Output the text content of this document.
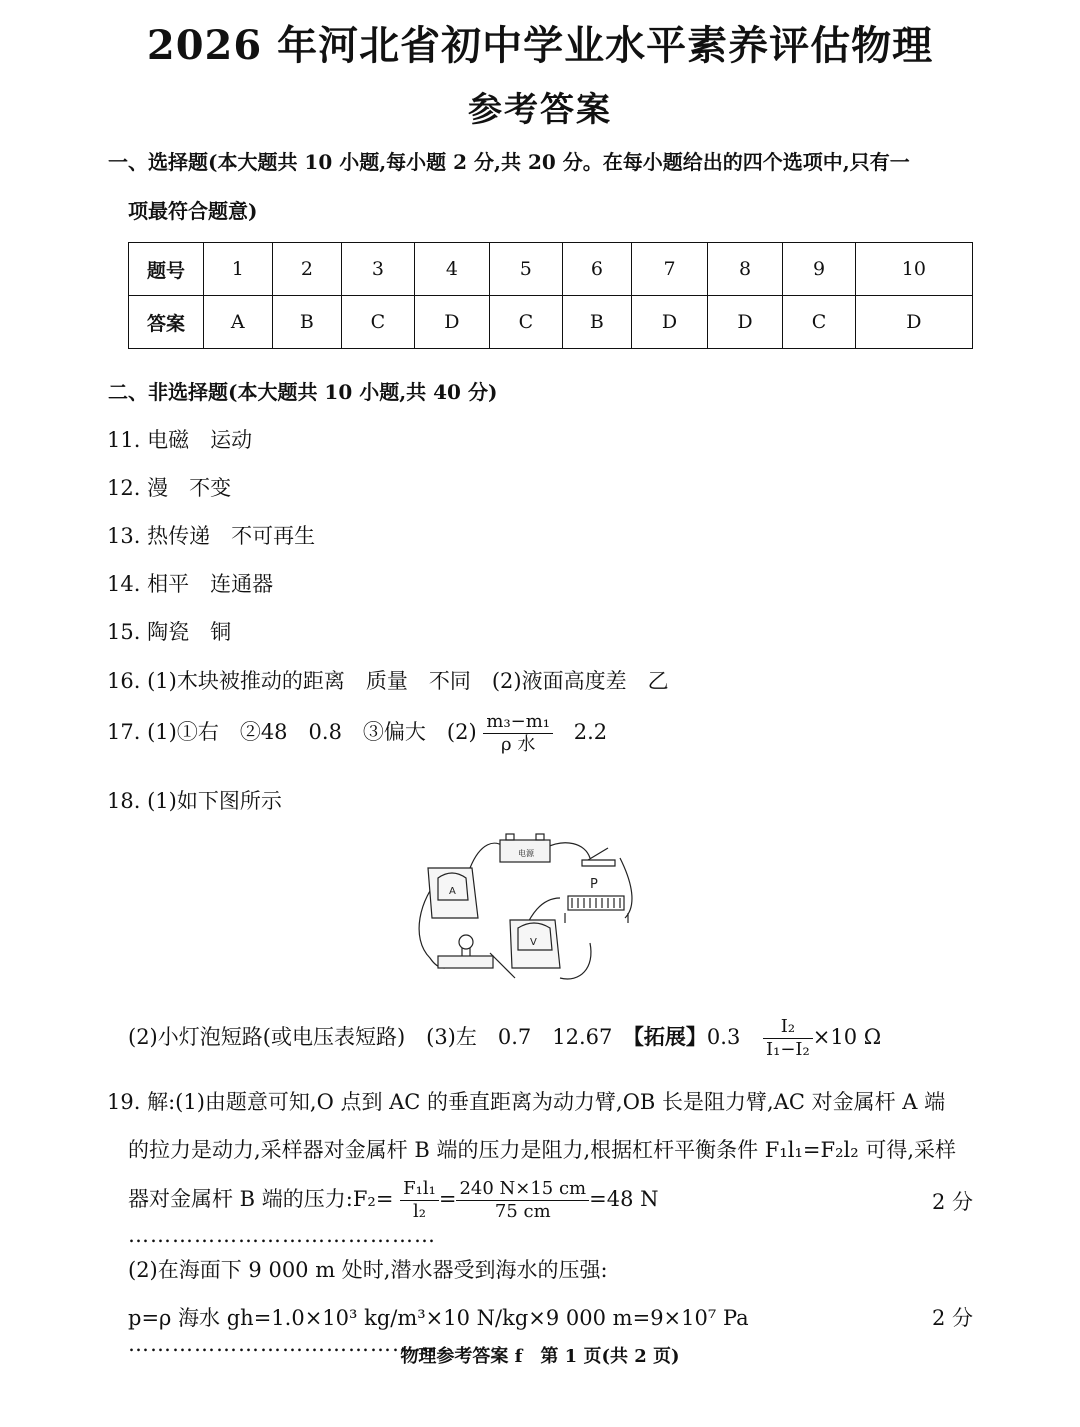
2026 年河北省初中学业水平素养评估物理
参考答案
一、选择题(本大题共 10 小题,每小题 2 分,共 20 分。在每小题给出的四个选项中,只有一
项最符合题意)
题号	1	2	3	4	5	6	7	8	9	10
答案	A	B	C	D	C	B	D	D	C	D
二、非选择题(本大题共 10 小题,共 40 分)
11. 电磁　运动
12. 漫　不变
13. 热传递　不可再生
14. 相平　连通器
15. 陶瓷　铜
16. (1)木块被推动的距离　质量　不同　(2)液面高度差　乙
17. (1)①右　②48　0.8　③偏大　$(2) \frac{\text{m₃−m₁}}{\text{ρ 水}} 2.2$
18. (1)如下图所示
电源
P
A
V
(2)小灯泡短路(或电压表短路)　(3)左　0.7　12.67　【拓展】$0.3 \frac{\text{I₂}}{\text{I₁−I₂}} \times 10$ Ω
19. 解:(1)由题意可知,O 点到 AC 的垂直距离为动力臂,OB 长是阻力臂,AC 对金属杆 A 端
的拉力是动力,采样器对金属杆 B 端的压力是阻力,根据杠杆平衡条件 F₁l₁=F₂l₂ 可得,采样
器对金属杆 B 端的压力:F₂= $\frac{\text{F₁l₁}}{\text{l₂}} = \frac{240 N\times 15 cm}{75 cm} =48$ N ……………………………………
2 分
(2)在海面下 9 000 m 处时,潜水器受到海水的压强:
p=ρ 海水 gh=1.0×10³ kg/m³×10 N/kg×9 000 m=9×10⁷ Pa ……………………………………
2 分
物理参考答案 f　第 1 页(共 2 页)
